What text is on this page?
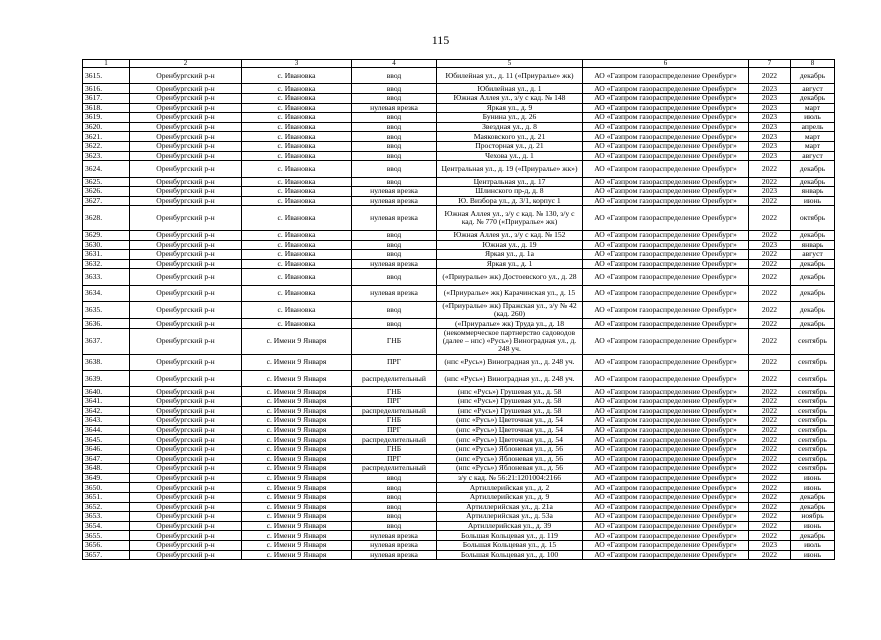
115
1	2	3	4	5	6	7	8
3615.	Оренбургский р-н	с. Ивановка	ввод	Юбилейная ул., д. 11 («Приуралье» жк)	АО «Газпром газораспределение Оренбург»	2022	декабрь
3616.	Оренбургский р-н	с. Ивановка	ввод	Юбилейная ул., д. 1	АО «Газпром газораспределение Оренбург»	2023	август
3617.	Оренбургский р-н	с. Ивановка	ввод	Южная Аллея ул., з/у с кад. № 148	АО «Газпром газораспределение Оренбург»	2023	декабрь
3618.	Оренбургский р-н	с. Ивановка	нулевая врезка	Яркая ул., д. 9	АО «Газпром газораспределение Оренбург»	2023	март
3619.	Оренбургский р-н	с. Ивановка	ввод	Бунина ул., д. 26	АО «Газпром газораспределение Оренбург»	2023	июль
3620.	Оренбургский р-н	с. Ивановка	ввод	Звездная ул., д. 8	АО «Газпром газораспределение Оренбург»	2023	апрель
3621.	Оренбургский р-н	с. Ивановка	ввод	Маяковского ул., д. 21	АО «Газпром газораспределение Оренбург»	2023	март
3622.	Оренбургский р-н	с. Ивановка	ввод	Просторная ул., д. 21	АО «Газпром газораспределение Оренбург»	2023	март
3623.	Оренбургский р-н	с. Ивановка	ввод	Чехова ул., д. 1	АО «Газпром газораспределение Оренбург»	2023	август
3624.	Оренбургский р-н	с. Ивановка	ввод	Центральная ул., д. 19 («Приуралье» жк»)	АО «Газпром газораспределение Оренбург»	2022	декабрь
3625.	Оренбургский р-н	с. Ивановка	ввод	Центральная ул., д. 17	АО «Газпром газораспределение Оренбург»	2022	декабрь
3626.	Оренбургский р-н	с. Ивановка	нулевая врезка	Шлинского пр-д, д. 8	АО «Газпром газораспределение Оренбург»	2023	январь
3627.	Оренбургский р-н	с. Ивановка	нулевая врезка	Ю. Визбора ул., д. 3/1, корпус 1	АО «Газпром газораспределение Оренбург»	2022	июнь
3628.	Оренбургский р-н	с. Ивановка	нулевая врезка	Южная Аллея ул., з/у с кад. № 130, з/у с кад. № 770 («Приуралье» жк)	АО «Газпром газораспределение Оренбург»	2022	октябрь
3629.	Оренбургский р-н	с. Ивановка	ввод	Южная Аллея ул., з/у с кад. № 152	АО «Газпром газораспределение Оренбург»	2022	декабрь
3630.	Оренбургский р-н	с. Ивановка	ввод	Южная ул., д. 19	АО «Газпром газораспределение Оренбург»	2023	январь
3631.	Оренбургский р-н	с. Ивановка	ввод	Яркая ул., д. 1а	АО «Газпром газораспределение Оренбург»	2022	август
3632.	Оренбургский р-н	с. Ивановка	нулевая врезка	Яркая ул., д. 1	АО «Газпром газораспределение Оренбург»	2022	декабрь
3633.	Оренбургский р-н	с. Ивановка	ввод	(«Приуралье» жк) Достоевского ул., д. 28	АО «Газпром газораспределение Оренбург»	2022	декабрь
3634.	Оренбургский р-н	с. Ивановка	нулевая врезка	(«Приуралье» жк) Карачинская ул., д. 15	АО «Газпром газораспределение Оренбург»	2022	декабрь
3635.	Оренбургский р-н	с. Ивановка	ввод	(«Приуралье» жк) Пражская ул., з/у № 42 (кад. 260)	АО «Газпром газораспределение Оренбург»	2022	декабрь
3636.	Оренбургский р-н	с. Ивановка	ввод	(«Приуралье» жк) Труда ул., д. 18	АО «Газпром газораспределение Оренбург»	2022	декабрь
3637.	Оренбургский р-н	с. Имени 9 Января	ГНБ	(некоммерческое партнерство садоводов (далее – нпс) «Русь») Виноградная ул., д. 248 уч.	АО «Газпром газораспределение Оренбург»	2022	сентябрь
3638.	Оренбургский р-н	с. Имени 9 Января	ПРГ	(нпс «Русь») Виноградная ул., д. 248 уч.	АО «Газпром газораспределение Оренбург»	2022	сентябрь
3639.	Оренбургский р-н	с. Имени 9 Января	распределительный	(нпс «Русь») Виноградная ул., д. 248 уч.	АО «Газпром газораспределение Оренбург»	2022	сентябрь
3640.	Оренбургский р-н	с. Имени 9 Января	ГНБ	(нпс «Русь») Грушевая ул., д. 58	АО «Газпром газораспределение Оренбург»	2022	сентябрь
3641.	Оренбургский р-н	с. Имени 9 Января	ПРГ	(нпс «Русь») Грушевая ул., д. 58	АО «Газпром газораспределение Оренбург»	2022	сентябрь
3642.	Оренбургский р-н	с. Имени 9 Января	распределительный	(нпс «Русь») Грушевая ул., д. 58	АО «Газпром газораспределение Оренбург»	2022	сентябрь
3643.	Оренбургский р-н	с. Имени 9 Января	ГНБ	(нпс «Русь») Цветочная ул., д. 54	АО «Газпром газораспределение Оренбург»	2022	сентябрь
3644.	Оренбургский р-н	с. Имени 9 Января	ПРГ	(нпс «Русь») Цветочная ул., д. 54	АО «Газпром газораспределение Оренбург»	2022	сентябрь
3645.	Оренбургский р-н	с. Имени 9 Января	распределительный	(нпс «Русь») Цветочная ул., д. 54	АО «Газпром газораспределение Оренбург»	2022	сентябрь
3646.	Оренбургский р-н	с. Имени 9 Января	ГНБ	(нпс «Русь») Яблоневая ул., д. 56	АО «Газпром газораспределение Оренбург»	2022	сентябрь
3647.	Оренбургский р-н	с. Имени 9 Января	ПРГ	(нпс «Русь») Яблоневая ул., д. 56	АО «Газпром газораспределение Оренбург»	2022	сентябрь
3648.	Оренбургский р-н	с. Имени 9 Января	распределительный	(нпс «Русь») Яблоневая ул., д. 56	АО «Газпром газораспределение Оренбург»	2022	сентябрь
3649.	Оренбургский р-н	с. Имени 9 Января	ввод	з/у с кад. № 56:21:1201004:2166	АО «Газпром газораспределение Оренбург»	2022	июнь
3650.	Оренбургский р-н	с. Имени 9 Января	ввод	Артиллерийская ул., д. 2	АО «Газпром газораспределение Оренбург»	2022	июнь
3651.	Оренбургский р-н	с. Имени 9 Января	ввод	Артиллерийская ул., д. 9	АО «Газпром газораспределение Оренбург»	2022	декабрь
3652.	Оренбургский р-н	с. Имени 9 Января	ввод	Артиллерийская ул., д. 21а	АО «Газпром газораспределение Оренбург»	2022	декабрь
3653.	Оренбургский р-н	с. Имени 9 Января	ввод	Артиллерийская ул., д. 53а	АО «Газпром газораспределение Оренбург»	2022	ноябрь
3654.	Оренбургский р-н	с. Имени 9 Января	ввод	Артиллерийская ул., д. 39	АО «Газпром газораспределение Оренбург»	2022	июнь
3655.	Оренбургский р-н	с. Имени 9 Января	нулевая врезка	Большая Кольцевая ул., д. 119	АО «Газпром газораспределение Оренбург»	2022	декабрь
3656.	Оренбургский р-н	с. Имени 9 Января	нулевая врезка	Большая Кольцевая ул., д. 15	АО «Газпром газораспределение Оренбург»	2023	июль
3657.	Оренбургский р-н	с. Имени 9 Января	нулевая врезка	Большая Кольцевая ул., д. 100	АО «Газпром газораспределение Оренбург»	2022	июнь
